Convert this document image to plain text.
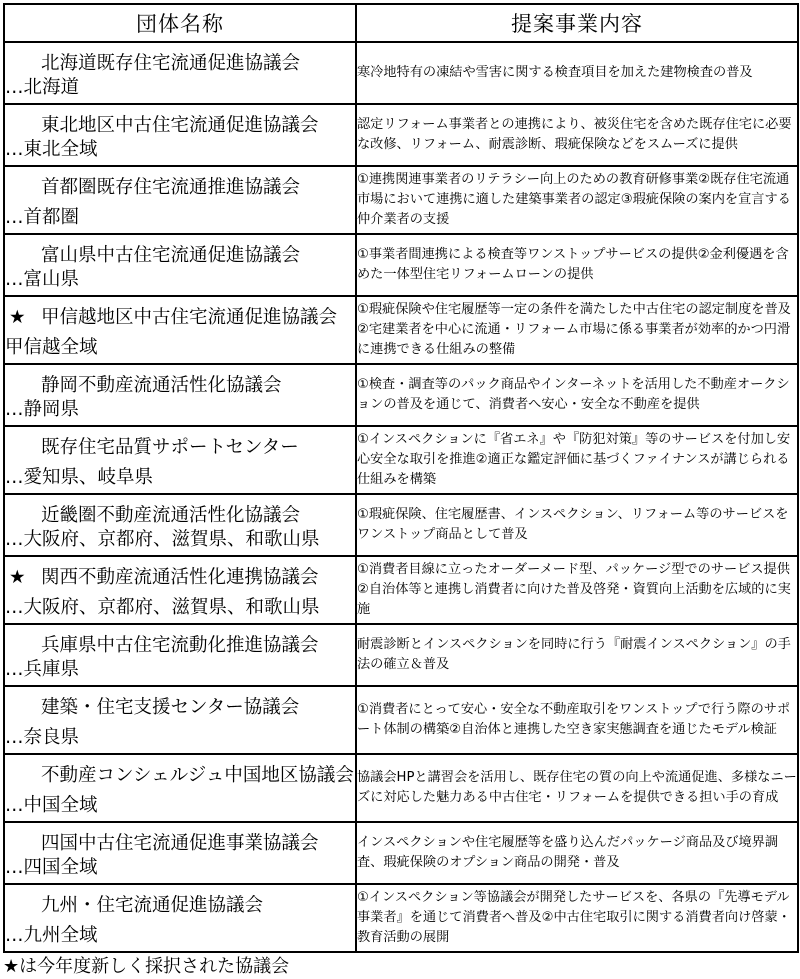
団体名称	提案事業内容

北海道既存住宅流通促進協議会
…北海道	寒冷地特有の凍結や雪害に関する検査項目を加えた建物検査の普及

東北地区中古住宅流通促進協議会
…東北全域	認定リフォーム事業者との連携により、被災住宅を含めた既存住宅に必要な改修、リフォーム、耐震診断、瑕疵保険などをスムーズに提供

首都圏既存住宅流通推進協議会
…首都圏	①連携関連事業者のリテラシー向上のための教育研修事業②既存住宅流通市場において連携に適した建築事業者の認定③瑕疵保険の案内を宣言する仲介業者の支援

富山県中古住宅流通促進協議会
…富山県	①事業者間連携による検査等ワンストップサービスの提供②金利優遇を含めた一体型住宅リフォームローンの提供

★ 甲信越地区中古住宅流通促進協議会
甲信越全域	①瑕疵保険や住宅履歴等一定の条件を満たした中古住宅の認定制度を普及②宅建業者を中心に流通・リフォーム市場に係る事業者が効率的かつ円滑に連携できる仕組みの整備

静岡不動産流通活性化協議会
…静岡県	①検査・調査等のパック商品やインターネットを活用した不動産オークションの普及を通じて、消費者へ安心・安全な不動産を提供

既存住宅品質サポートセンター
…愛知県、岐阜県	①インスペクションに『省エネ』や『防犯対策』等のサービスを付加し安心安全な取引を推進②適正な鑑定評価に基づくファイナンスが講じられる仕組みを構築

近畿圏不動産流通活性化協議会
…大阪府、京都府、滋賀県、和歌山県	①瑕疵保険、住宅履歴書、インスペクション、リフォーム等のサービスをワンストップ商品として普及

★ 関西不動産流通活性化連携協議会
…大阪府、京都府、滋賀県、和歌山県	①消費者目線に立ったオーダーメード型、パッケージ型でのサービス提供②自治体等と連携し消費者に向けた普及啓発・資質向上活動を広域的に実施

兵庫県中古住宅流動化推進協議会
…兵庫県	耐震診断とインスペクションを同時に行う『耐震インスペクション』の手法の確立＆普及

建築・住宅支援センター協議会
…奈良県	①消費者にとって安心・安全な不動産取引をワンストップで行う際のサポート体制の構築②自治体と連携した空き家実態調査を通じたモデル検証

不動産コンシェルジュ中国地区協議会
…中国全域	協議会HPと講習会を活用し、既存住宅の質の向上や流通促進、多様なニーズに対応した魅力ある中古住宅・リフォームを提供できる担い手の育成

四国中古住宅流通促進事業協議会
…四国全域	インスペクションや住宅履歴等を盛り込んだパッケージ商品及び境界調査、瑕疵保険のオプション商品の開発・普及

九州・住宅流通促進協議会
…九州全域	①インスペクション等協議会が開発したサービスを、各県の『先導モデル事業者』を通じて消費者へ普及②中古住宅取引に関する消費者向け啓蒙・教育活動の展開
★は今年度新しく採択された協議会
